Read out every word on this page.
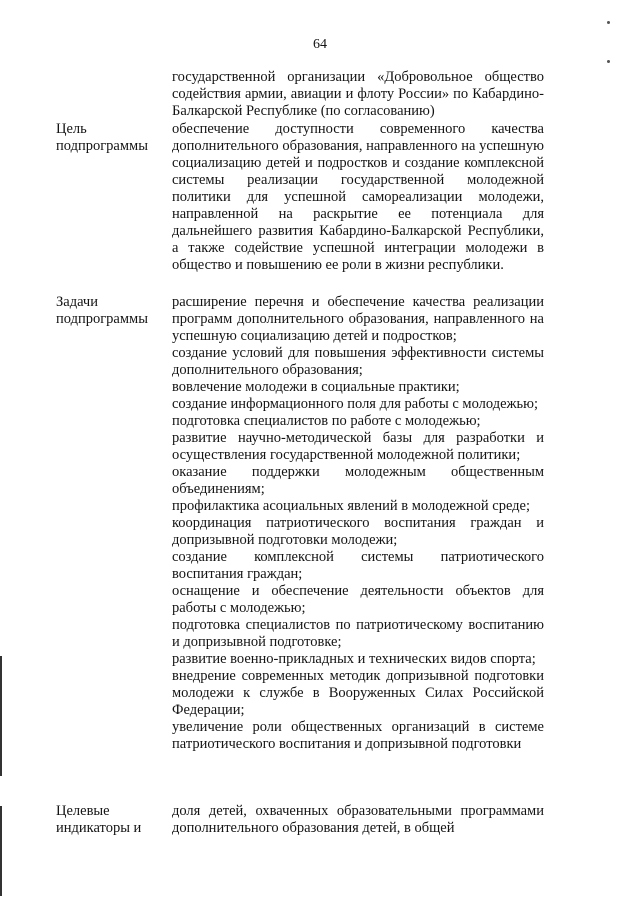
64
государственной организации «Добровольное общество содействия армии, авиации и флоту России» по Кабардино-Балкарской Республике (по согласованию)
Цель подпрограммы
обеспечение доступности современного качества дополнительного образования, направленного на успешную социализацию детей и подростков и создание комплексной системы реализации государственной молодежной политики для успешной самореализации молодежи, направленной на раскрытие ее потенциала для дальнейшего развития Кабардино-Балкарской Республики, а также содействие успешной интеграции молодежи в общество и повышению ее роли в жизни республики.
Задачи подпрограммы

расширение перечня и обеспечение качества реализации программ дополнительного образования, направленного на успешную социализацию детей и подростков;

создание условий для повышения эффективности системы дополнительного образования;

вовлечение молодежи в социальные практики;

создание информационного поля для работы с молодежью;

подготовка специалистов по работе с молодежью;

развитие научно-методической базы для разработки и осуществления государственной молодежной политики;

оказание поддержки молодежным общественным объединениям;

профилактика асоциальных явлений в молодежной среде;

координация патриотического воспитания граждан и допризывной подготовки молодежи;

создание комплексной системы патриотического воспитания граждан;

оснащение и обеспечение деятельности объектов для работы с молодежью;

подготовка специалистов по патриотическому воспитанию и допризывной подготовке;

развитие военно-прикладных и технических видов спорта;

внедрение современных методик допризывной подготовки молодежи к службе в Вооруженных Силах Российской Федерации;

увеличение роли общественных организаций в системе патриотического воспитания и допризывной подготовки

Целевые индикаторы и
доля детей, охваченных образовательными программами дополнительного образования детей, в общей
